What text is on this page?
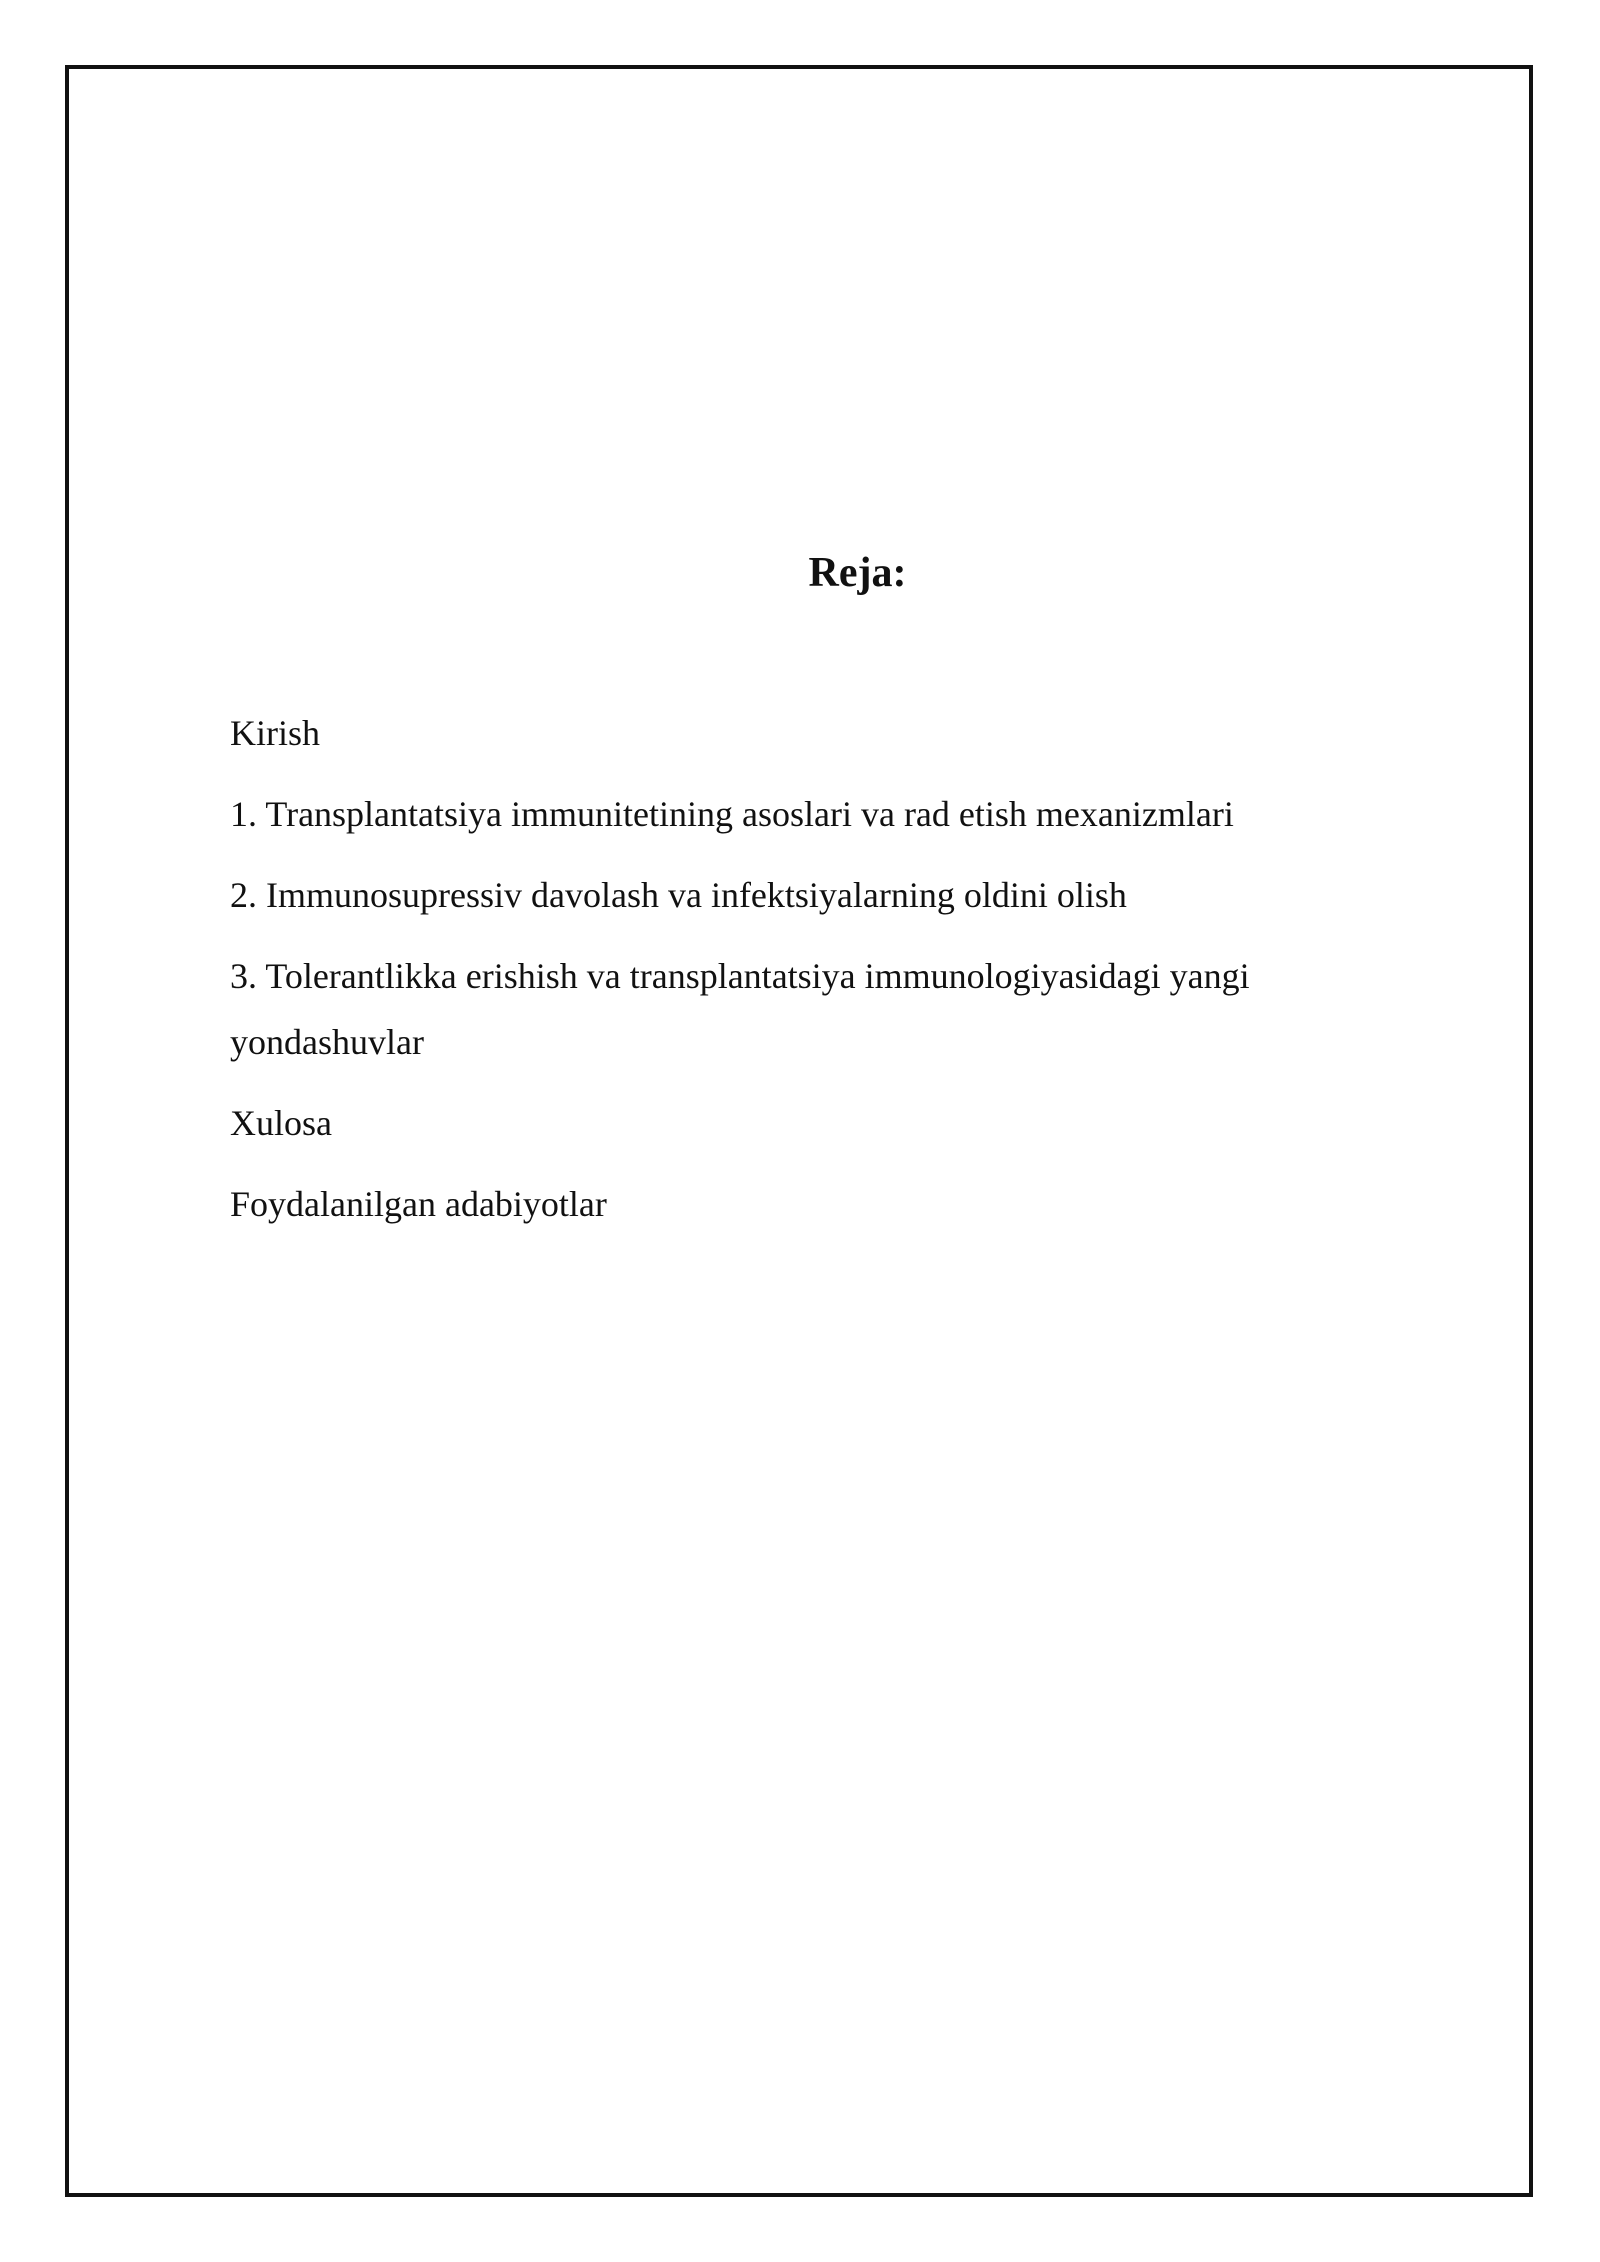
Reja:
Kirish
1. Transplantatsiya immunitetining asoslari va rad etish mexanizmlari
2. Immunosupressiv davolash va infektsiyalarning oldini olish
3. Tolerantlikka erishish va transplantatsiya immunologiyasidagi yangi yondashuvlar
Xulosa
Foydalanilgan adabiyotlar
